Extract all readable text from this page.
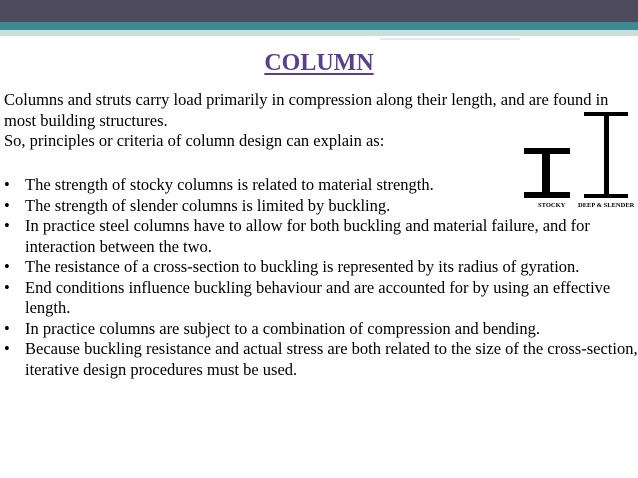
COLUMN

Columns and struts carry load primarily in compression along their length, and are found in most building structures.

So, principles or criteria of column design can explain as:

STOCKY DEEP & SLENDER
• The strength of stocky columns is related to material strength.
• The strength of slender columns is limited by buckling.
• In practice steel columns have to allow for both buckling and material failure, and for interaction between the two.
• The resistance of a cross-section to buckling is represented by its radius of gyration.
• End conditions influence buckling behaviour and are accounted for by using an effective length.
• In practice columns are subject to a combination of compression and bending.
• Because buckling resistance and actual stress are both related to the size of the cross-section, iterative design procedures must be used.
